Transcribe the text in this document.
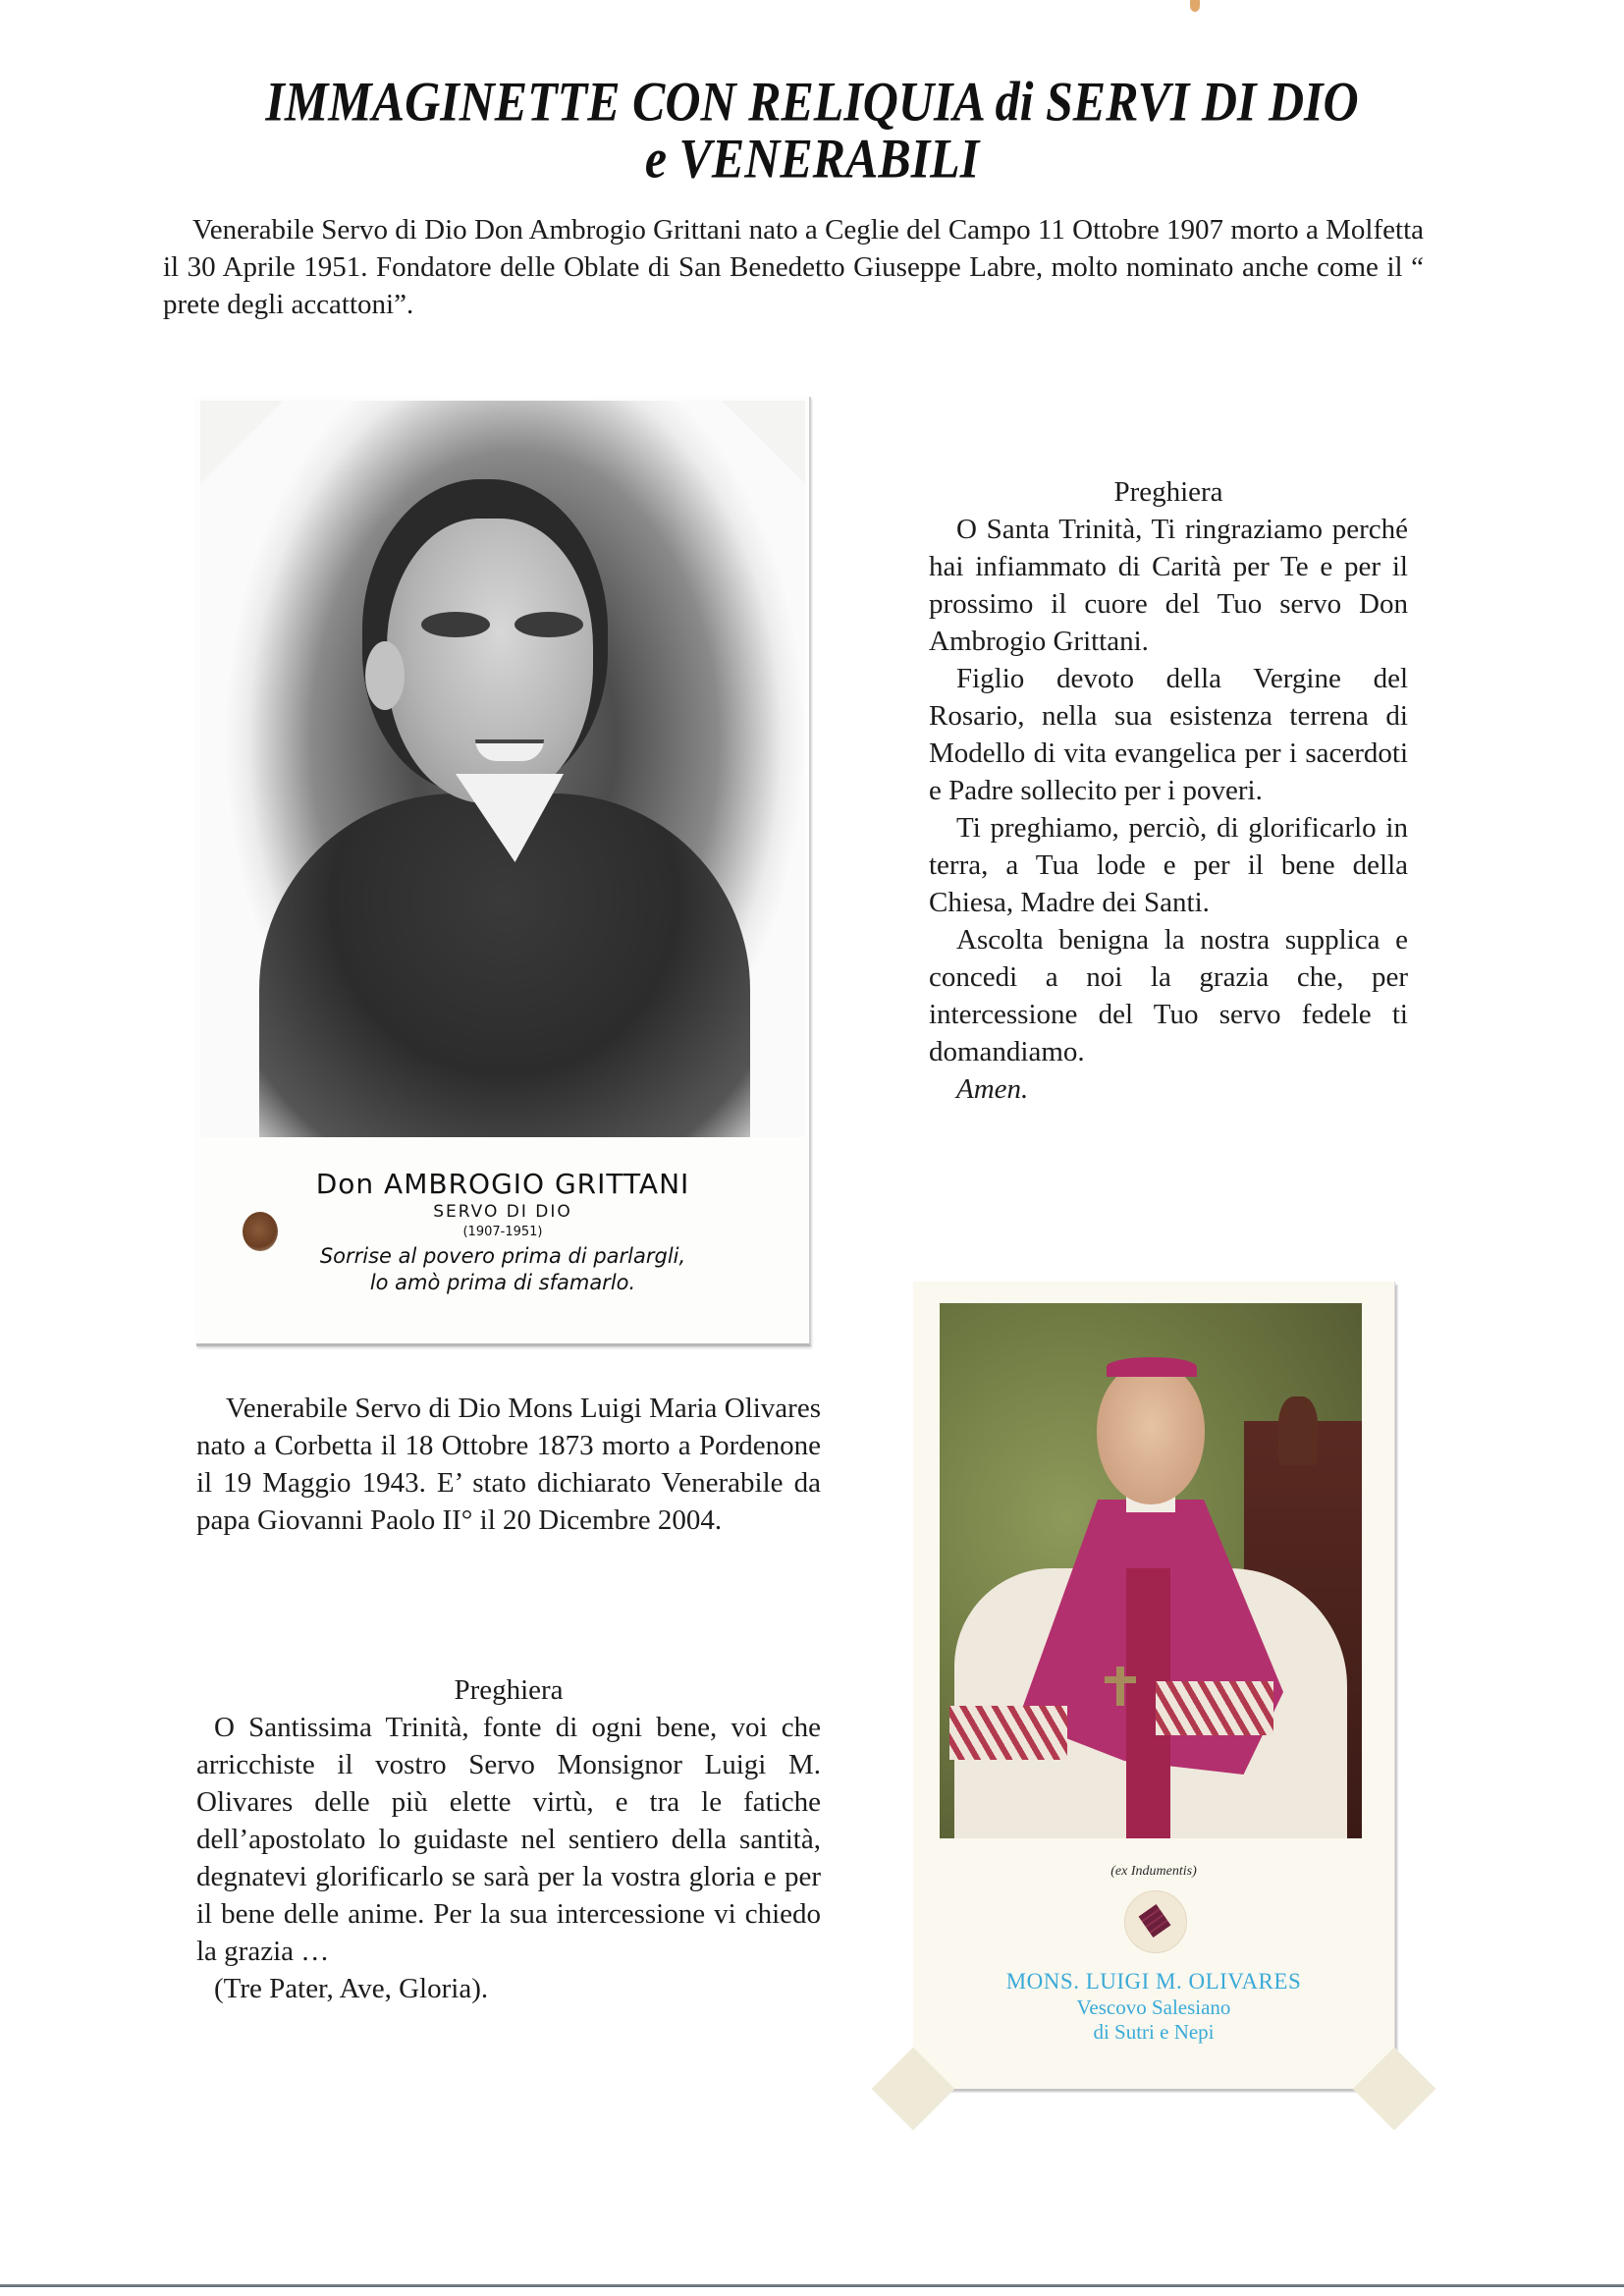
IMMAGINETTE CON RELIQUIA di SERVI DI DIO
e VENERABILI

Venerabile Servo di Dio Don Ambrogio Grittani nato a Ceglie del Campo 11 Ottobre 1907 morto a Molfetta il 30 Aprile 1951. Fondatore delle Oblate di San Benedetto Giuseppe Labre, molto nominato anche come il “ prete degli accattoni”.

Don AMBROGIO GRITTANI
SERVO DI DIO
(1907-1951)
Sorrise al povero prima di parlargli,
lo amò prima di sfamarlo.

Preghiera

O Santa Trinità, Ti ringraziamo perché hai infiammato di Carità per Te e per il prossimo il cuore del Tuo servo Don Ambrogio Grittani.

Figlio devoto della Vergine del Rosario, nella sua esistenza terrena di Modello di vita evangelica per i sacerdoti e Padre sollecito per i poveri.

Ti preghiamo, perciò, di glorificarlo in terra, a Tua lode e per il bene della Chiesa, Madre dei Santi.

Ascolta benigna la nostra supplica e concedi a noi la grazia che, per intercessione del Tuo servo fedele ti domandiamo.

Amen.

Venerabile Servo di Dio Mons Luigi Maria Olivares nato a Corbetta il 18 Ottobre 1873 morto a Pordenone il 19 Maggio 1943. E’ stato dichiarato Venerabile da papa Giovanni Paolo II° il 20 Dicembre 2004.

Preghiera

O Santissima Trinità, fonte di ogni bene, voi che arricchiste il vostro Servo Monsignor Luigi M. Olivares delle più elette virtù, e tra le fatiche dell’apostolato lo guidaste nel sentiero della santità, degnatevi glorificarlo se sarà per la vostra gloria e per il bene delle anime. Per la sua intercessione vi chiedo la grazia …

(Tre Pater, Ave, Gloria).

(ex Indumentis)
MONS. LUIGI M. OLIVARES
Vescovo Salesiano
di Sutri e Nepi
